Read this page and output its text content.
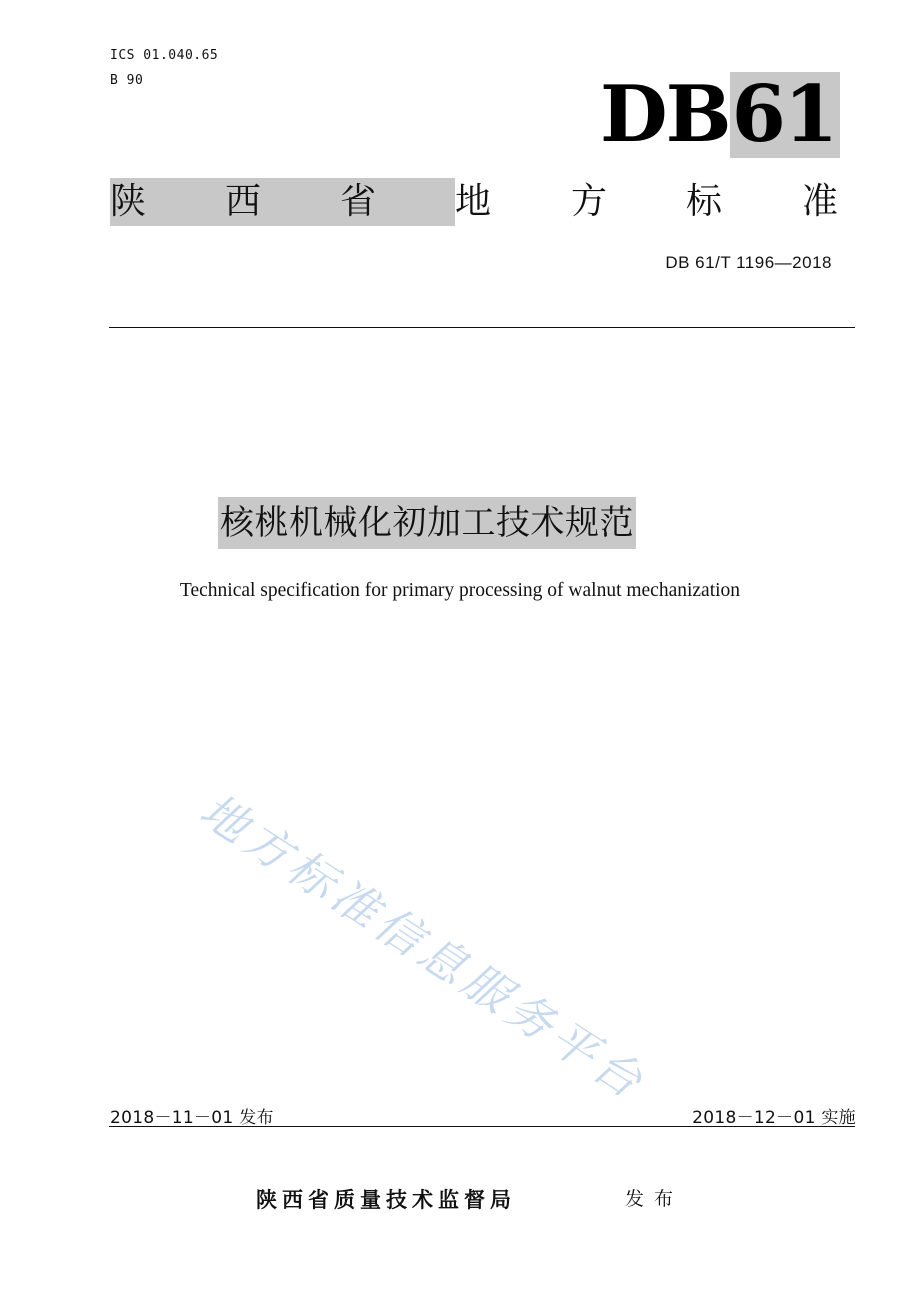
ICS 01.040.65
B 90	DB 61
陕 西 省 地 方 标 准
DB 61/T 1196—2018
核桃机械化初加工技术规范
Technical specification for primary processing of walnut mechanization
地方标准信息服务平台
2018－11－01 发布	2018－12－01 实施
陕西省质量技术监督局	发布
